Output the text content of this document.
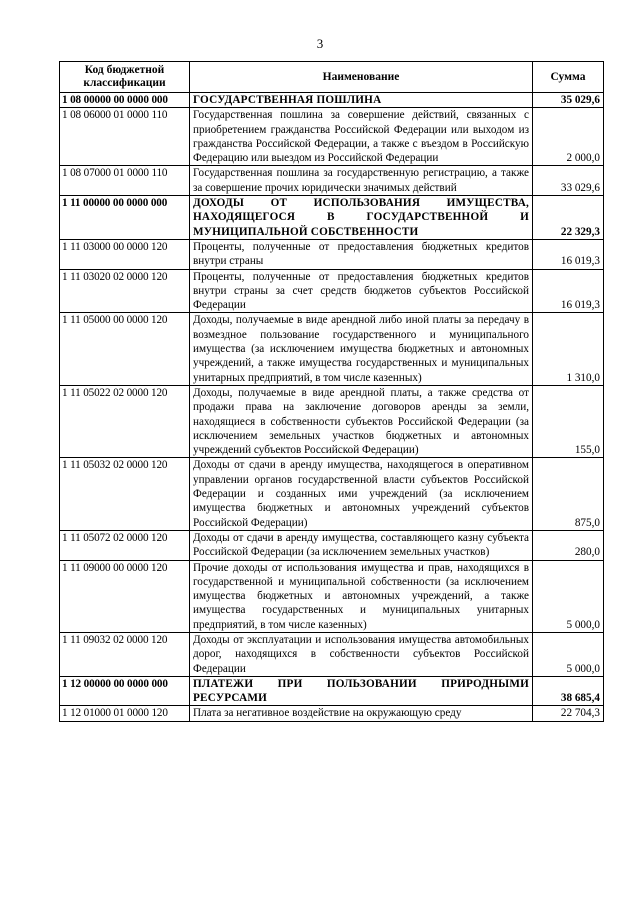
3
Код бюджетной классификации	Наименование	Сумма
1 08 00000 00 0000 000	ГОСУДАРСТВЕННАЯ ПОШЛИНА	35 029,6
1 08 06000 01 0000 110	Государственная пошлина за совершение действий, связанных с приобретением гражданства Российской Федерации или выходом из гражданства Российской Федерации, а также с въездом в Российскую Федерацию или выездом из Российской Федерации	2 000,0
1 08 07000 01 0000 110	Государственная пошлина за государственную регистрацию, а также за совершение прочих юридически значимых действий	33 029,6
1 11 00000 00 0000 000	ДОХОДЫ ОТ ИСПОЛЬЗОВАНИЯ ИМУЩЕСТВА, НАХОДЯЩЕГОСЯ В ГОСУДАРСТВЕННОЙ И МУНИЦИПАЛЬНОЙ СОБСТВЕННОСТИ	22 329,3
1 11 03000 00 0000 120	Проценты, полученные от предоставления бюджетных кредитов внутри страны	16 019,3
1 11 03020 02 0000 120	Проценты, полученные от предоставления бюджетных кредитов внутри страны за счет средств бюджетов субъектов Российской Федерации	16 019,3
1 11 05000 00 0000 120	Доходы, получаемые в виде арендной либо иной платы за передачу в возмездное пользование государственного и муниципального имущества (за исключением имущества бюджетных и автономных учреждений, а также имущества государственных и муниципальных унитарных предприятий, в том числе казенных)	1 310,0
1 11 05022 02 0000 120	Доходы, получаемые в виде арендной платы, а также средства от продажи права на заключение договоров аренды за земли, находящиеся в собственности субъектов Российской Федерации (за исключением земельных участков бюджетных и автономных учреждений субъектов Российской Федерации)	155,0
1 11 05032 02 0000 120	Доходы от сдачи в аренду имущества, находящегося в оперативном управлении органов государственной власти субъектов Российской Федерации и созданных ими учреждений (за исключением имущества бюджетных и автономных учреждений субъектов Российской Федерации)	875,0
1 11 05072 02 0000 120	Доходы от сдачи в аренду имущества, составляющего казну субъекта Российской Федерации (за исключением земельных участков)	280,0
1 11 09000 00 0000 120	Прочие доходы от использования имущества и прав, находящихся в государственной и муниципальной собственности (за исключением имущества бюджетных и автономных учреждений, а также имущества государственных и муниципальных унитарных предприятий, в том числе казенных)	5 000,0
1 11 09032 02 0000 120	Доходы от эксплуатации и использования имущества автомобильных дорог, находящихся в собственности субъектов Российской Федерации	5 000,0
1 12 00000 00 0000 000	ПЛАТЕЖИ ПРИ ПОЛЬЗОВАНИИ ПРИРОДНЫМИ РЕСУРСАМИ	38 685,4
1 12 01000 01 0000 120	Плата за негативное воздействие на окружающую среду	22 704,3
